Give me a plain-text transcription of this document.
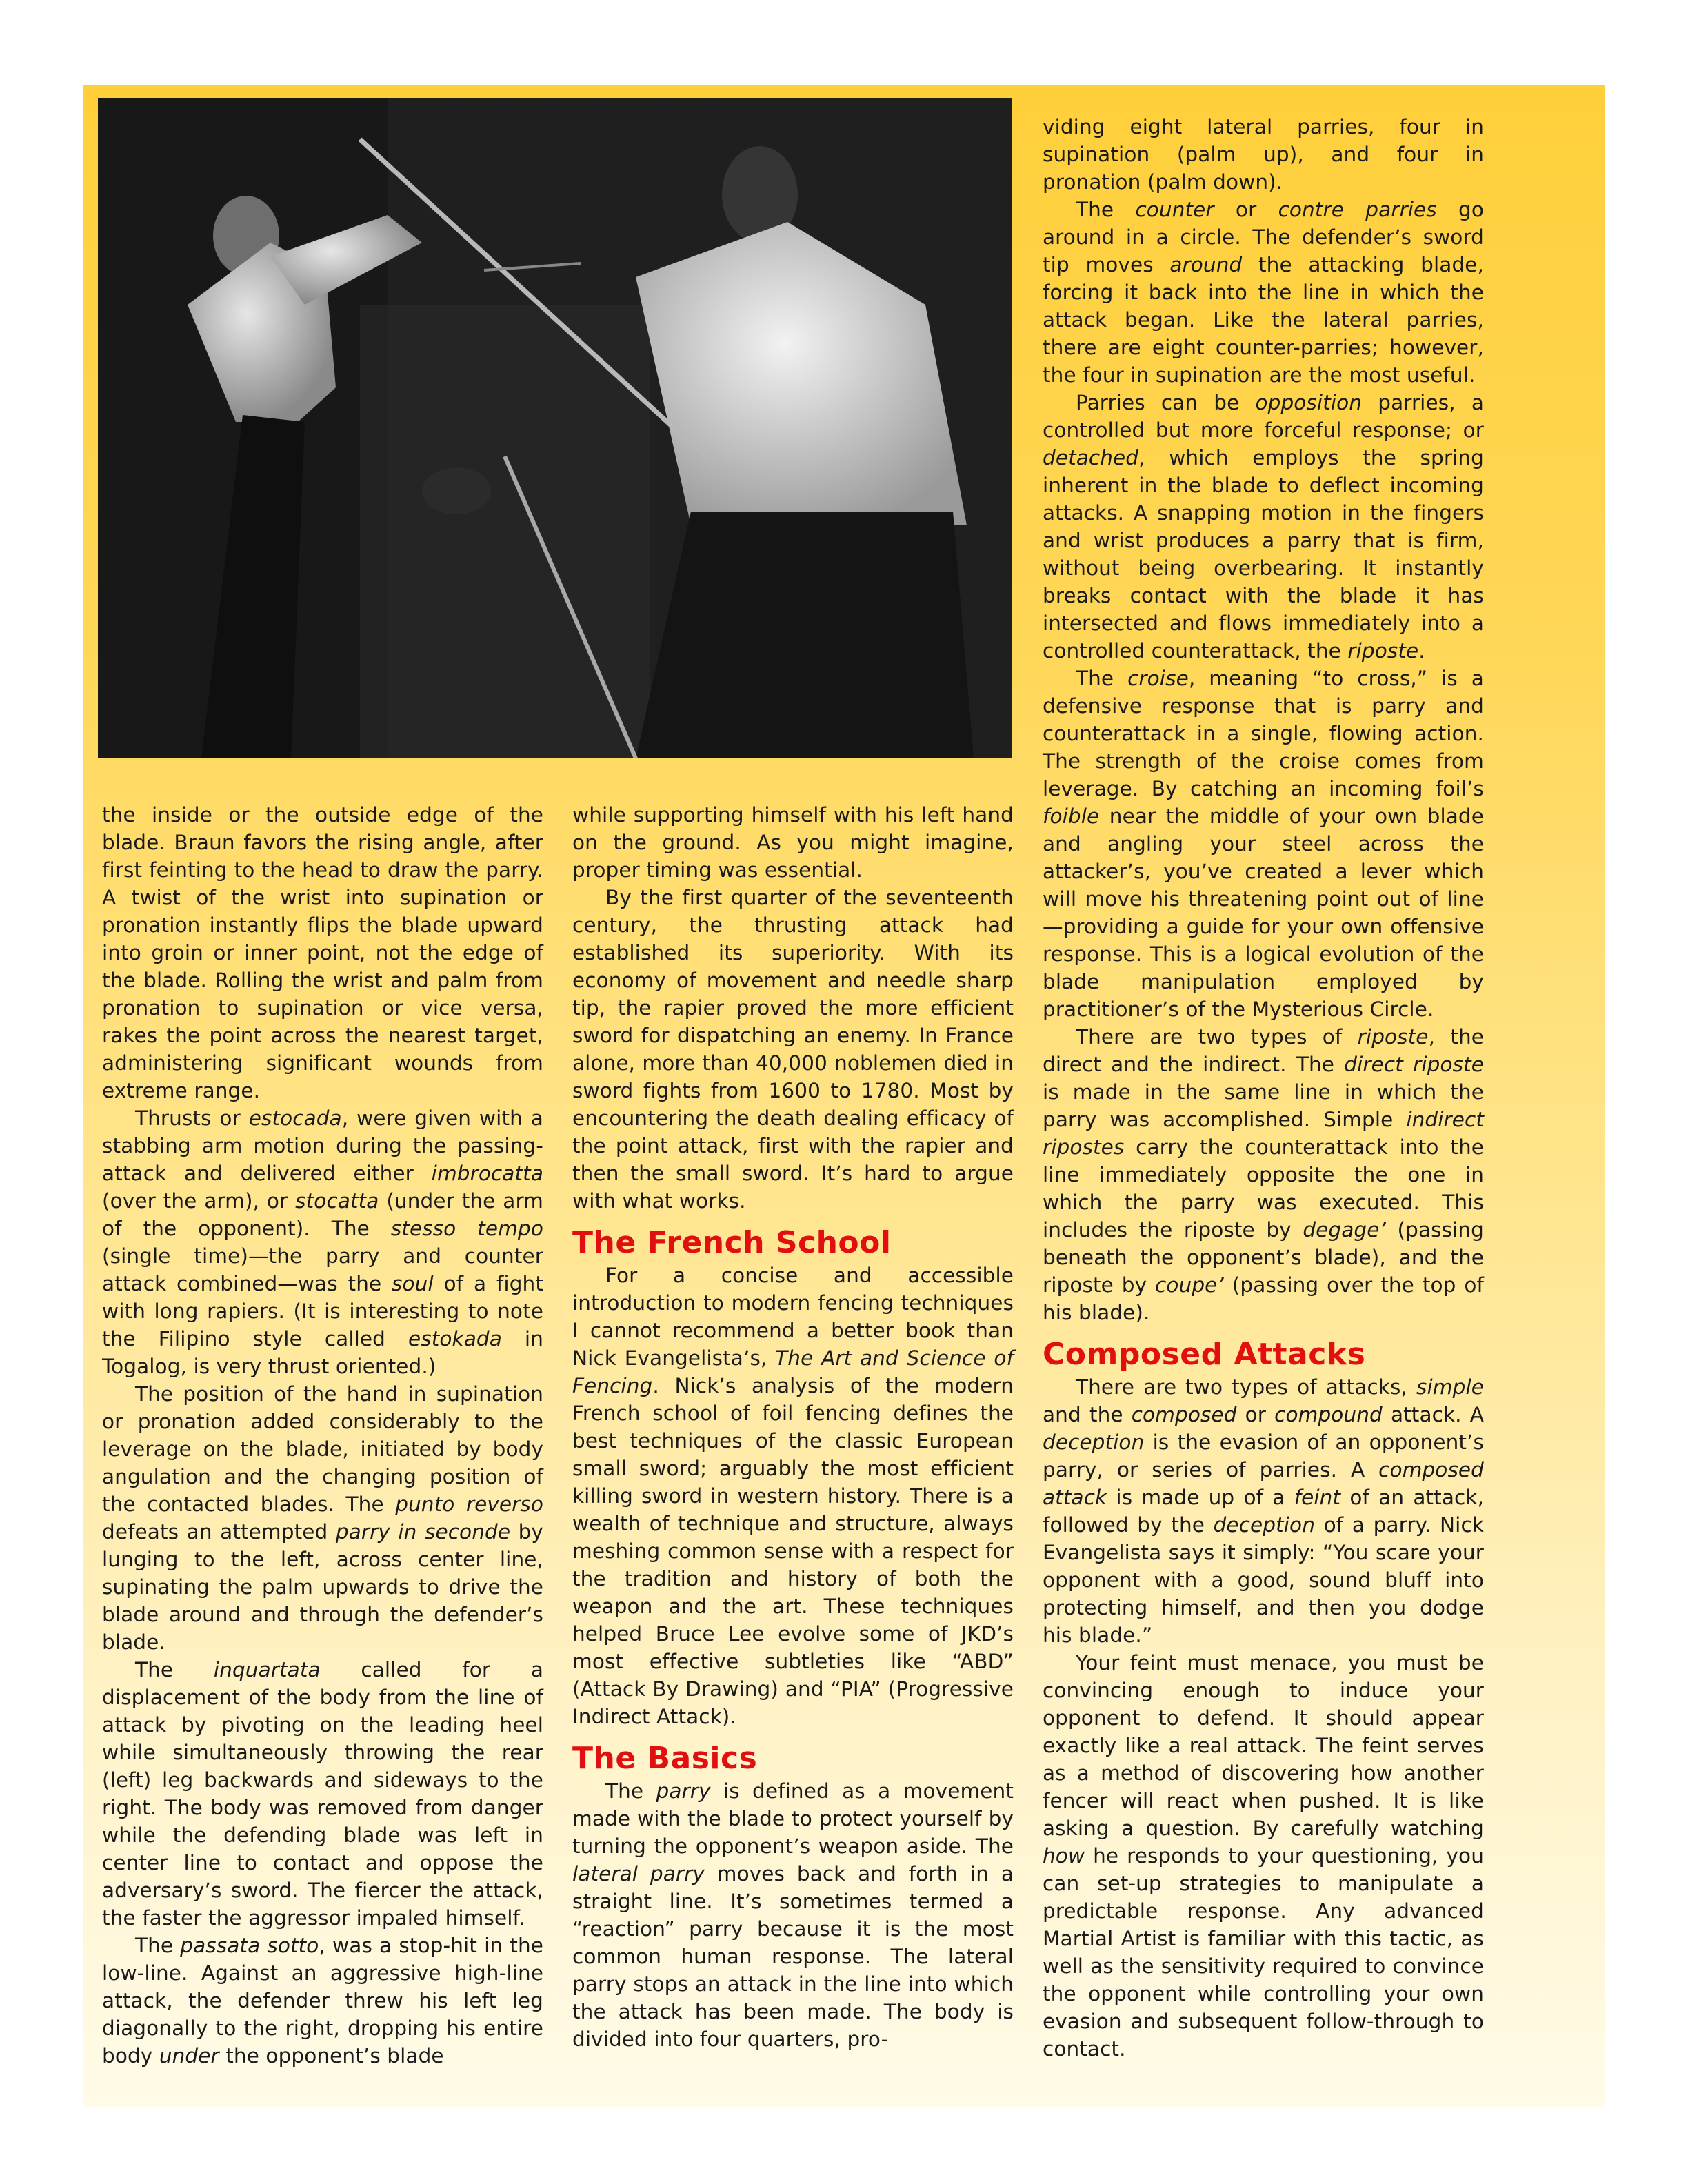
the inside or the outside edge of the blade. Braun favors the rising angle, after first feinting to the head to draw the parry. A twist of the wrist into supination or pronation instantly flips the blade upward into groin or inner point, not the edge of the blade. Rolling the wrist and palm from pronation to supination or vice versa, rakes the point across the nearest target, administering significant wounds from extreme range.

Thrusts or estocada, were given with a stabbing arm motion during the passing-attack and delivered either imbrocatta (over the arm), or stocatta (under the arm of the opponent). The stesso tempo (single time)—the parry and counter attack combined—was the soul of a fight with long rapiers. (It is interesting to note the Filipino style called estokada in Togalog, is very thrust oriented.)

The position of the hand in supination or pronation added considerably to the leverage on the blade, initiated by body angulation and the changing position of the contacted blades. The punto reverso defeats an attempted parry in seconde by lunging to the left, across center line, supinating the palm upwards to drive the blade around and through the defender’s blade.

The inquartata called for a displacement of the body from the line of attack by pivoting on the leading heel while simultaneously throwing the rear (left) leg backwards and sideways to the right. The body was removed from danger while the defending blade was left in center line to contact and oppose the adversary’s sword. The fiercer the attack, the faster the aggressor impaled himself.

The passata sotto, was a stop-hit in the low-line. Against an aggressive high-line attack, the defender threw his left leg diagonally to the right, dropping his entire body under the opponent’s blade

while supporting himself with his left hand on the ground. As you might imagine, proper timing was essential.

By the first quarter of the seventeenth century, the thrusting attack had established its superiority. With its economy of movement and needle sharp tip, the rapier proved the more efficient sword for dispatching an enemy. In France alone, more than 40,000 noblemen died in sword fights from 1600 to 1780. Most by encountering the death dealing efficacy of the point attack, first with the rapier and then the small sword. It’s hard to argue with what works.

The French School

For a concise and accessible introduction to modern fencing techniques I cannot recommend a better book than Nick Evangelista’s, The Art and Science of Fencing. Nick’s analysis of the modern French school of foil fencing defines the best techniques of the classic European small sword; arguably the most efficient killing sword in western history. There is a wealth of technique and structure, always meshing common sense with a respect for the tradition and history of both the weapon and the art. These techniques helped Bruce Lee evolve some of JKD’s most effective subtleties like “ABD” (Attack By Drawing) and “PIA” (Progressive Indirect Attack).

The Basics

The parry is defined as a movement made with the blade to protect yourself by turning the opponent’s weapon aside. The lateral parry moves back and forth in a straight line. It’s sometimes termed a “reaction” parry because it is the most common human response. The lateral parry stops an attack in the line into which the attack has been made. The body is divided into four quarters, pro-

viding eight lateral parries, four in supination (palm up), and four in pronation (palm down).

The counter or contre parries go around in a circle. The defender’s sword tip moves around the attacking blade, forcing it back into the line in which the attack began. Like the lateral parries, there are eight counter-parries; however, the four in supination are the most useful.

Parries can be opposition parries, a controlled but more forceful response; or detached, which employs the spring inherent in the blade to deflect incoming attacks. A snapping motion in the fingers and wrist produces a parry that is firm, without being overbearing. It instantly breaks contact with the blade it has intersected and flows immediately into a controlled counterattack, the riposte.

The croise, meaning “to cross,” is a defensive response that is parry and counterattack in a single, flowing action. The strength of the croise comes from leverage. By catching an incoming foil’s foible near the middle of your own blade and angling your steel across the attacker’s, you’ve created a lever which will move his threatening point out of line—providing a guide for your own offensive response. This is a logical evolution of the blade manipulation employed by practitioner’s of the Mysterious Circle.

There are two types of riposte, the direct and the indirect. The direct riposte is made in the same line in which the parry was accomplished. Simple indirect ripostes carry the counterattack into the line immediately opposite the one in which the parry was executed. This includes the riposte by degage’ (passing beneath the opponent’s blade), and the riposte by coupe’ (passing over the top of his blade).

Composed Attacks

There are two types of attacks, simple and the composed or compound attack. A deception is the evasion of an opponent’s parry, or series of parries. A composed attack is made up of a feint of an attack, followed by the deception of a parry. Nick Evangelista says it simply: “You scare your opponent with a good, sound bluff into protecting himself, and then you dodge his blade.”

Your feint must menace, you must be convincing enough to induce your opponent to defend. It should appear exactly like a real attack. The feint serves as a method of discovering how another fencer will react when pushed. It is like asking a question. By carefully watching how he responds to your questioning, you can set-up strategies to manipulate a predictable response. Any advanced Martial Artist is familiar with this tactic, as well as the sensitivity required to convince the opponent while controlling your own evasion and subsequent follow-through to contact.
